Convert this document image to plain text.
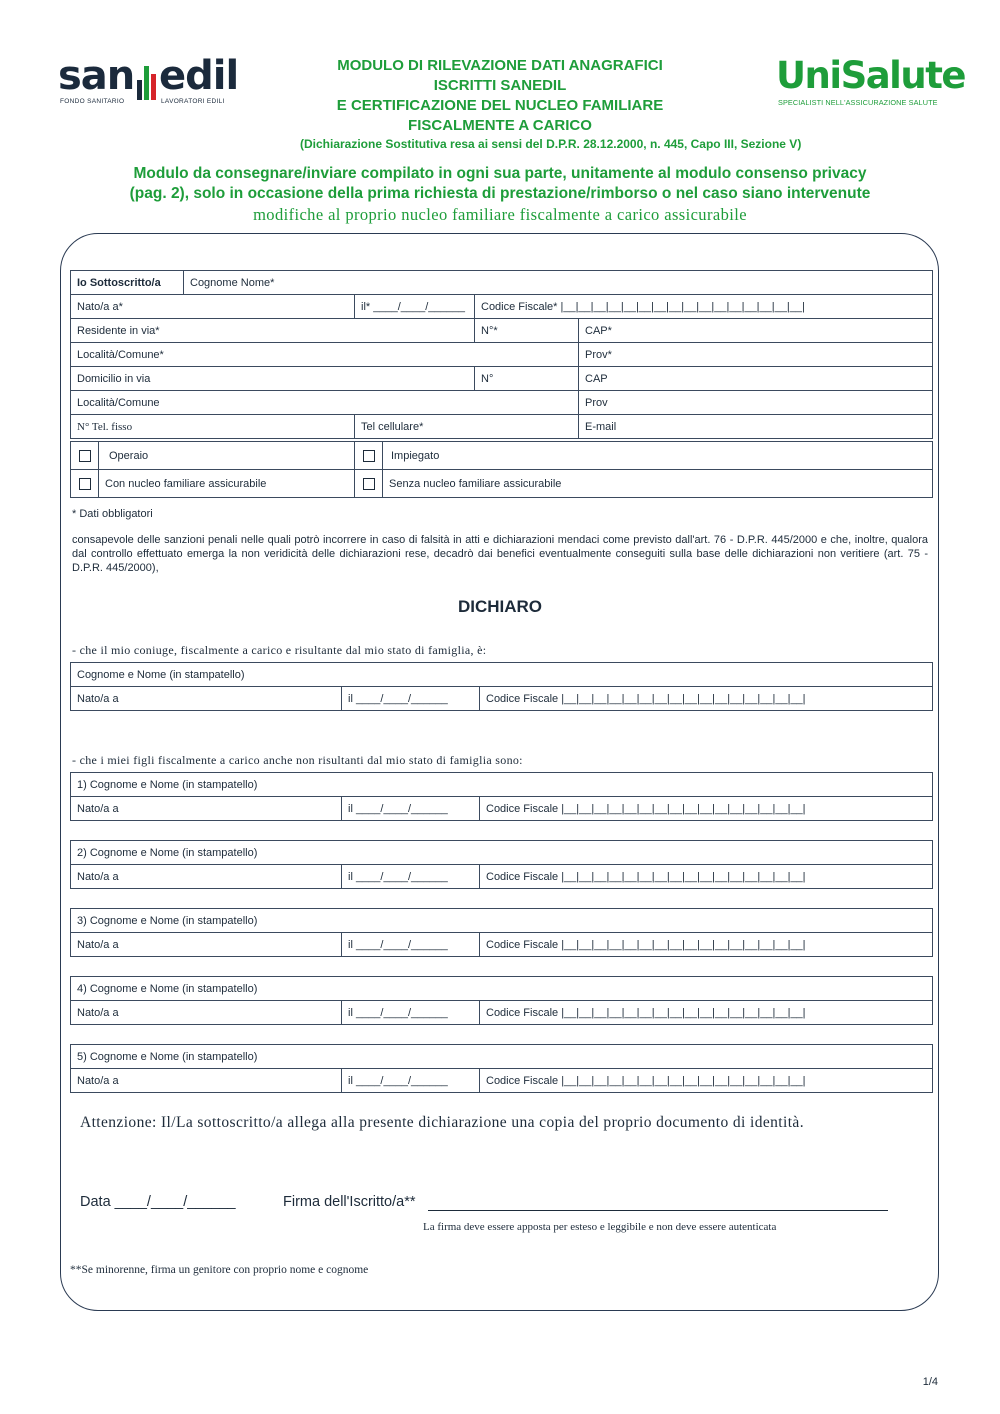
san edil
FONDO SANITARIO	LAVORATORI EDILI
MODULO DI RILEVAZIONE DATI ANAGRAFICI
ISCRITTI SANEDIL
E CERTIFICAZIONE DEL NUCLEO FAMILIARE
FISCALMENTE A CARICO
(Dichiarazione Sostitutiva resa ai sensi del D.P.R. 28.12.2000, n. 445, Capo III, Sezione V)
UniSalute
SPECIALISTI NELL'ASSICURAZIONE SALUTE
Modulo da consegnare/inviare compilato in ogni sua parte, unitamente al modulo consenso privacy
(pag. 2), solo in occasione della prima richiesta di prestazione/rimborso o nel caso siano intervenute
modifiche al proprio nucleo familiare fiscalmente a carico assicurabile
Io Sottoscritto/a	Cognome Nome*			
Nato/a a*		il* ____/____/______	Codice Fiscale* |__|__|__|__|__|__|__|__|__|__|__|__|__|__|__|__|	
Residente in via*			N°*	CAP*
Località/Comune*				Prov*
Domicilio in via			N°	CAP
Località/Comune				Prov
N° Tel. fisso		Tel cellulare*		E-mail
	Operaio		Impiegato
	Con nucleo familiare assicurabile		Senza nucleo familiare assicurabile
* Dati obbligatori
consapevole delle sanzioni penali nelle quali potrò incorrere in caso di falsità in atti e dichiarazioni mendaci come previsto dall'art. 76 - D.P.R. 445/2000 e che, inoltre, qualora dal controllo effettuato emerga la non veridicità delle dichiarazioni rese, decadrò dai benefici eventualmente conseguiti sulla base delle dichiarazioni non veritiere (art. 75 - D.P.R. 445/2000),
DICHIARO
- che il mio coniuge, fiscalmente a carico e risultante dal mio stato di famiglia, è:
Cognome e Nome (in stampatello)
Nato/a a	il ____/____/______	Codice Fiscale |__|__|__|__|__|__|__|__|__|__|__|__|__|__|__|__|
- che i miei figli fiscalmente a carico anche non risultanti dal mio stato di famiglia sono:
1) Cognome e Nome (in stampatello)
Nato/a a	il ____/____/______	Codice Fiscale |__|__|__|__|__|__|__|__|__|__|__|__|__|__|__|__|
2) Cognome e Nome (in stampatello)
Nato/a a	il ____/____/______	Codice Fiscale |__|__|__|__|__|__|__|__|__|__|__|__|__|__|__|__|
3) Cognome e Nome (in stampatello)
Nato/a a	il ____/____/______	Codice Fiscale |__|__|__|__|__|__|__|__|__|__|__|__|__|__|__|__|
4) Cognome e Nome (in stampatello)
Nato/a a	il ____/____/______	Codice Fiscale |__|__|__|__|__|__|__|__|__|__|__|__|__|__|__|__|
5) Cognome e Nome (in stampatello)
Nato/a a	il ____/____/______	Codice Fiscale |__|__|__|__|__|__|__|__|__|__|__|__|__|__|__|__|
Attenzione: Il/La sottoscritto/a allega alla presente dichiarazione una copia del proprio documento di identità.
Data ____/____/______	Firma dell'Iscritto/a**
La firma deve essere apposta per esteso e leggibile e non deve essere autenticata
**Se minorenne, firma un genitore con proprio nome e cognome
1/4
